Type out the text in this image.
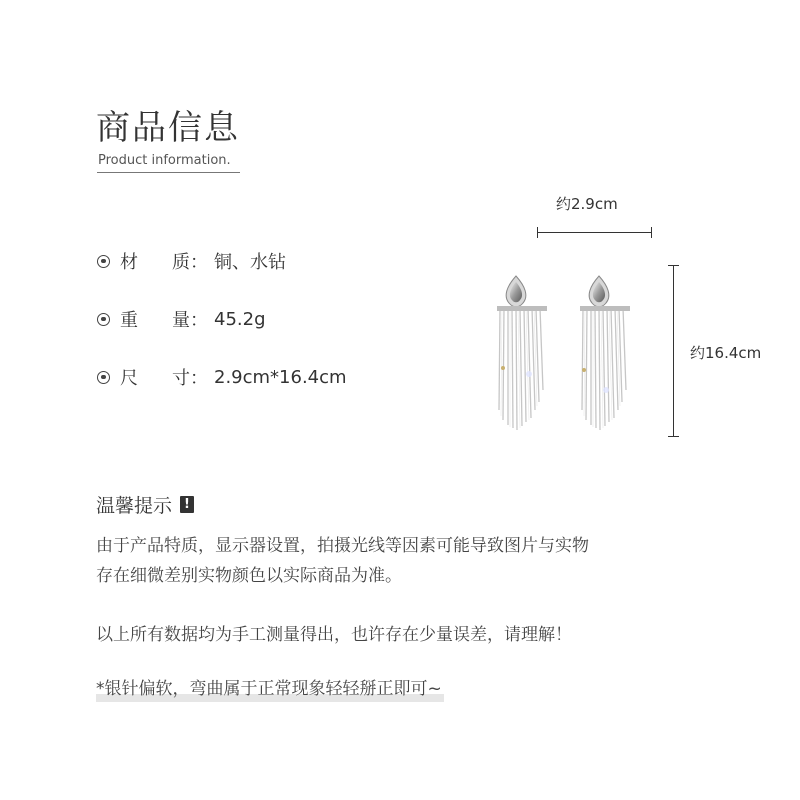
商品信息
Product information.
材	质 ： 铜、水钻
重	量 ： 45.2g
尺	寸 ： 2.9cm*16.4cm
约2.9cm
约16.4cm
温馨提示 !
由于产品特质，显示器设置，拍摄光线等因素可能导致图片与实物
存在细微差别实物颜色以实际商品为准。
以上所有数据均为手工测量得出，也许存在少量误差，请理解！
*银针偏软，弯曲属于正常现象轻轻掰正即可~
